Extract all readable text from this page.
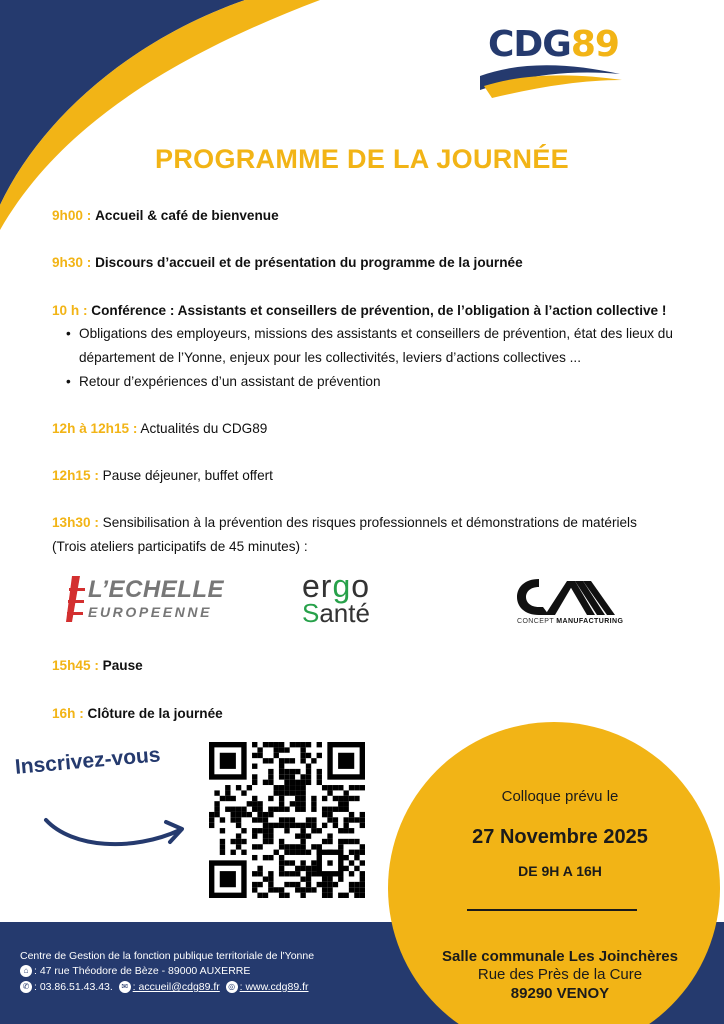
CDG89
PROGRAMME DE LA JOURNÉE
9h00 : Accueil & café de bienvenue
9h30 : Discours d’accueil et de présentation du programme de la journée
10 h : Conférence : Assistants et conseillers de prévention, de l’obligation à l’action collective !
• Obligations des employeurs, missions des assistants et conseillers de prévention, état des lieux du département de l’Yonne, enjeux pour les collectivités, leviers d’actions collectives ...
• Retour d’expériences d’un assistant de prévention
12h à 12h15 : Actualités du CDG89
12h15 : Pause déjeuner, buffet offert
13h30 : Sensibilisation à la prévention des risques professionnels et démonstrations de matériels
(Trois ateliers participatifs de 45 minutes) :
L’ECHELLE
EUROPEENNE
ergo
Santé	CONCEPT MANUFACTURING
15h45 : Pause
16h : Clôture de la journée
Inscrivez-vous
Colloque prévu le
27 Novembre 2025
DE 9H A 16H
Salle communale Les Joinchères
Rue des Près de la Cure
89290 VENOY
Centre de Gestion de la fonction publique territoriale de l'Yonne
⌂ : 47 rue Théodore de Bèze - 89000 AUXERRE
✆ : 03.86.51.43.43. ✉ : accueil@cdg89.fr ◎ : www.cdg89.fr
